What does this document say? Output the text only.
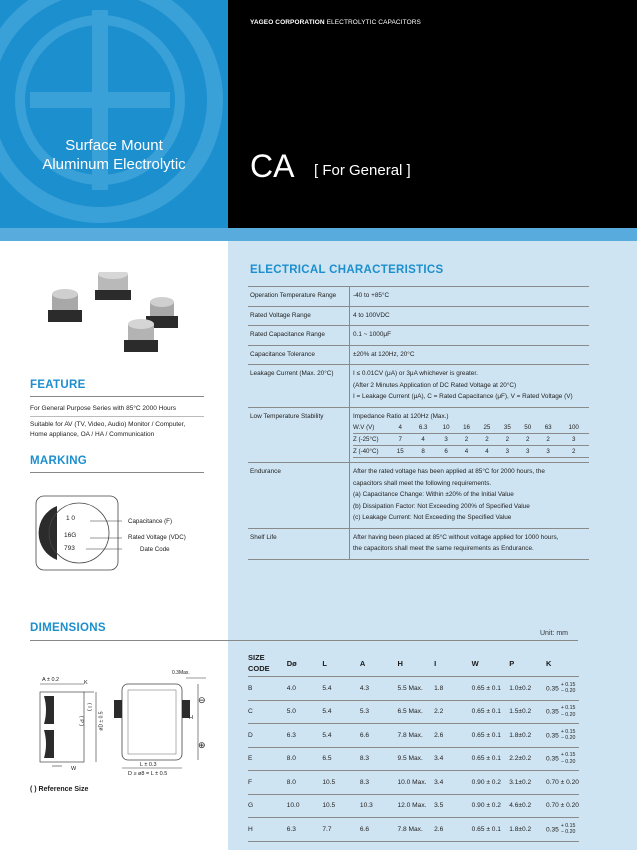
YAGEO CORPORATION ELECTROLYTIC CAPACITORS
Surface Mount
Aluminum Electrolytic	CA [ For General ]
FEATURE
For General Purpose Series with 85°C 2000 Hours
Suitable for AV (TV, Video, Audio) Monitor / Computer,
Home appliance, OA / HA / Communication
MARKING
1 0
16G
793
Capacitance (F)
Rated Voltage (VDC)
Date Code
ELECTRICAL CHARACTERISTICS
Operation Temperature Range	-40 to +85°C
Rated Voltage Range	4 to 100VDC
Rated Capacitance Range	0.1 ~ 1000μF
Capacitance Tolerance	±20% at 120Hz, 20°C
Leakage Current (Max. 20°C)	I ≤ 0.01CV (μA) or 3μA whichever is greater.
(After 2 Minutes Application of DC Rated Voltage at 20°C)
I = Leakage Current (μA), C = Rated Capacitance (μF), V = Rated Voltage (V)

Low Temperature Stability	Impedance Ratio at 120Hz (Max.)
W.V (V)	4	6.3	10	16	25	35	50	63	100
Z (-25°C)	7	4	3	2	2	2	2	2	3
Z (-40°C)	15	8	6	4	4	3	3	3	2

Endurance	After the rated voltage has been applied at 85°C for 2000 hours, the
capacitors shall meet the following requirements.
(a) Capacitance Change: Within ±20% of the Initial Value
(b) Dissipation Factor: Not Exceeding 200% of Specified Value
(c) Leakage Current: Not Exceeding the Specified Value

Shelf Life	After having been placed at 85°C without voltage applied for 1000 hours,
the capacitors shall meet the same requirements as Endurance.
DIMENSIONS	Unit: mm
A ± 0.2	K
( I )
( P )
W
0.3Max.
øD ± 0.5	H
L ± 0.3
D ≥ ø8 = L ± 0.5
⊖
⊕
( ) Reference Size
SIZE CODE	Dø	L	A	H	I	W	P	K
B	4.0	5.4	4.3	5.5 Max.	1.8	0.65 ± 0.1	1.0±0.2	0.35+ 0.15
− 0.20
C	5.0	5.4	5.3	6.5 Max.	2.2	0.65 ± 0.1	1.5±0.2	0.35+ 0.15
− 0.20
D	6.3	5.4	6.6	7.8 Max.	2.6	0.65 ± 0.1	1.8±0.2	0.35+ 0.15
− 0.20
E	8.0	6.5	8.3	9.5 Max.	3.4	0.65 ± 0.1	2.2±0.2	0.35+ 0.15
− 0.20
F	8.0	10.5	8.3	10.0 Max.	3.4	0.90 ± 0.2	3.1±0.2	0.70 ± 0.20
G	10.0	10.5	10.3	12.0 Max.	3.5	0.90 ± 0.2	4.6±0.2	0.70 ± 0.20
H	6.3	7.7	6.6	7.8 Max.	2.6	0.65 ± 0.1	1.8±0.2	0.35+ 0.15
− 0.20
